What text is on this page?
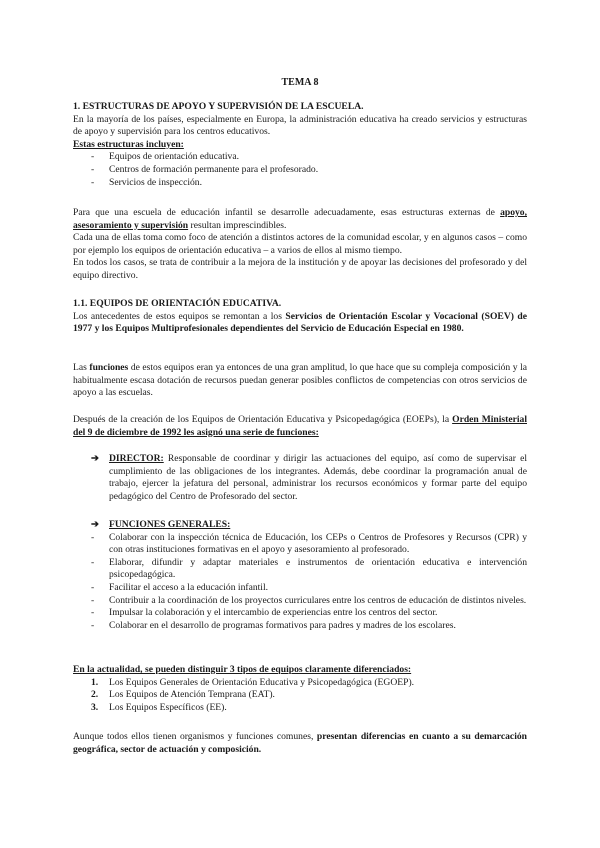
TEMA 8

1. ESTRUCTURAS DE APOYO Y SUPERVISIÓN DE LA ESCUELA.

En la mayoría de los países, especialmente en Europa, la administración educativa ha creado servicios y estructuras de apoyo y supervisión para los centros educativos.

Estas estructuras incluyen:

- Equipos de orientación educativa.
- Centros de formación permanente para el profesorado.
- Servicios de inspección.

Para que una escuela de educación infantil se desarrolle adecuadamente, esas estructuras externas de apoyo, asesoramiento y supervisión resultan imprescindibles.

Cada una de ellas toma como foco de atención a distintos actores de la comunidad escolar, y en algunos casos – como por ejemplo los equipos de orientación educativa – a varios de ellos al mismo tiempo.

En todos los casos, se trata de contribuir a la mejora de la institución y de apoyar las decisiones del profesorado y del equipo directivo.

1.1. EQUIPOS DE ORIENTACIÓN EDUCATIVA.

Los antecedentes de estos equipos se remontan a los Servicios de Orientación Escolar y Vocacional (SOEV) de 1977 y los Equipos Multiprofesionales dependientes del Servicio de Educación Especial en 1980.

Las funciones de estos equipos eran ya entonces de una gran amplitud, lo que hace que su compleja composición y la habitualmente escasa dotación de recursos puedan generar posibles conflictos de competencias con otros servicios de apoyo a las escuelas.

Después de la creación de los Equipos de Orientación Educativa y Psicopedagógica (EOEPs), la Orden Ministerial del 9 de diciembre de 1992 les asignó una serie de funciones:

➔ DIRECTOR: Responsable de coordinar y dirigir las actuaciones del equipo, así como de supervisar el cumplimiento de las obligaciones de los integrantes. Además, debe coordinar la programación anual de trabajo, ejercer la jefatura del personal, administrar los recursos económicos y formar parte del equipo pedagógico del Centro de Profesorado del sector.
➔ FUNCIONES GENERALES:
- Colaborar con la inspección técnica de Educación, los CEPs o Centros de Profesores y Recursos (CPR) y con otras instituciones formativas en el apoyo y asesoramiento al profesorado.
- Elaborar, difundir y adaptar materiales e instrumentos de orientación educativa e intervención psicopedagógica.
- Facilitar el acceso a la educación infantil.
- Contribuir a la coordinación de los proyectos curriculares entre los centros de educación de distintos niveles.
- Impulsar la colaboración y el intercambio de experiencias entre los centros del sector.
- Colaborar en el desarrollo de programas formativos para padres y madres de los escolares.

En la actualidad, se pueden distinguir 3 tipos de equipos claramente diferenciados:

1. Los Equipos Generales de Orientación Educativa y Psicopedagógica (EGOEP).
2. Los Equipos de Atención Temprana (EAT).
3. Los Equipos Específicos (EE).

Aunque todos ellos tienen organismos y funciones comunes, presentan diferencias en cuanto a su demarcación geográfica, sector de actuación y composición.
